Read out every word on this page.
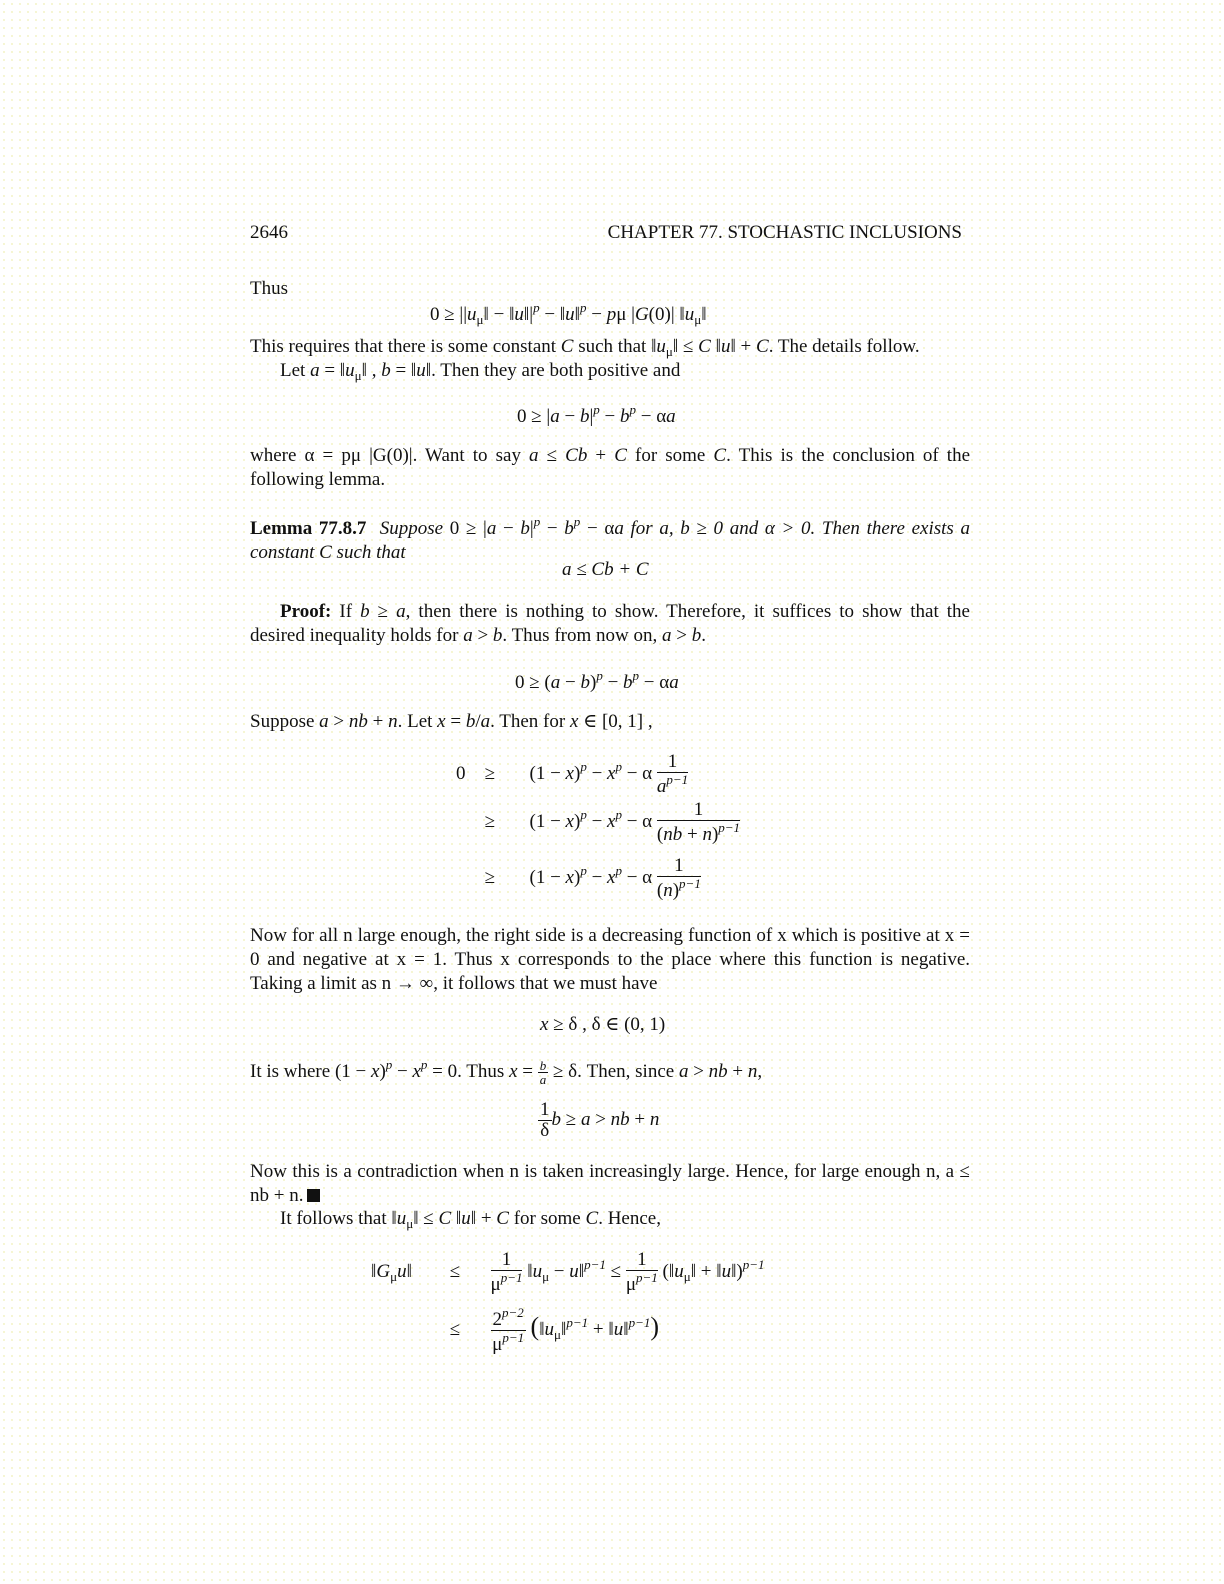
2646	CHAPTER 77. STOCHASTIC INCLUSIONS
Thus
$0 \ge ||u_\mu‖$ − $‖u‖|^p$ − ‖u‖$^p$ − pμ |G(0)| $‖u_\mu‖$
This requires that there is some constant C such that $‖u_\mu‖ \le C$ ‖u‖ + C. The details follow.
Let $a = ‖u_\mu‖$ , b = ‖u‖. Then they are both positive and
$0 \ge |a - b|^p - b^p - \alpha a$
where α = pμ |G(0)|. Want to say a ≤ Cb + C for some C. This is the conclusion of the following lemma.
Lemma 77.8.7 Suppose $0 \ge |a - b|^p - b^p - \alpha a$ for a, b ≥ 0 and α > 0. Then there exists a constant C such that
a ≤ Cb + C
Proof: If b ≥ a, then there is nothing to show. Therefore, it suffices to show that the desired inequality holds for a > b. Thus from now on, a > b.
$0 \ge (a - b)^p - b^p - \alpha a$
Suppose a > nb + n. Let x = b/a. Then for x ∈ [0, 1] ,
$0 \ge (1 - x)^p - x^p - \alpha \frac{1}{a^{p-1}}$
≥ $(1 - x)^p - x^p - \alpha \frac{1}{(nb + n)^{p-1}}$
≥ $(1 - x)^p - x^p - \alpha \frac{1}{(n)^{p-1}}$
Now for all n large enough, the right side is a decreasing function of x which is positive at x = 0 and negative at x = 1. Thus x corresponds to the place where this function is negative. Taking a limit as n → ∞, it follows that we must have
x ≥ δ , δ ∈ (0, 1)
It is where $(1 - x)^p - x^p = 0$. Thus $x = \frac{b}{a} \ge \delta$. Then, since a > nb + n,
$\frac{1}{\delta}$ b ≥ a > nb + n
Now this is a contradiction when n is taken increasingly large. Hence, for large enough n, a ≤ nb + n.
It follows that $‖u_\mu‖ \le C$ ‖u‖ + C for some C. Hence,
$‖G_\mu u‖ \le \frac{1}{\mu^{p-1}}$ $‖u_\mu$ − u‖$^{p-1}$ ≤ $\frac{1}{\mu^{p-1}}$ ($‖u_\mu‖$ + ‖u‖)$^{p-1}$
≤ $\frac{2^{p-2}}{\mu^{p-1}}$ ($‖u_\mu‖^{p-1}$ + ‖u‖$^{p-1}$)
